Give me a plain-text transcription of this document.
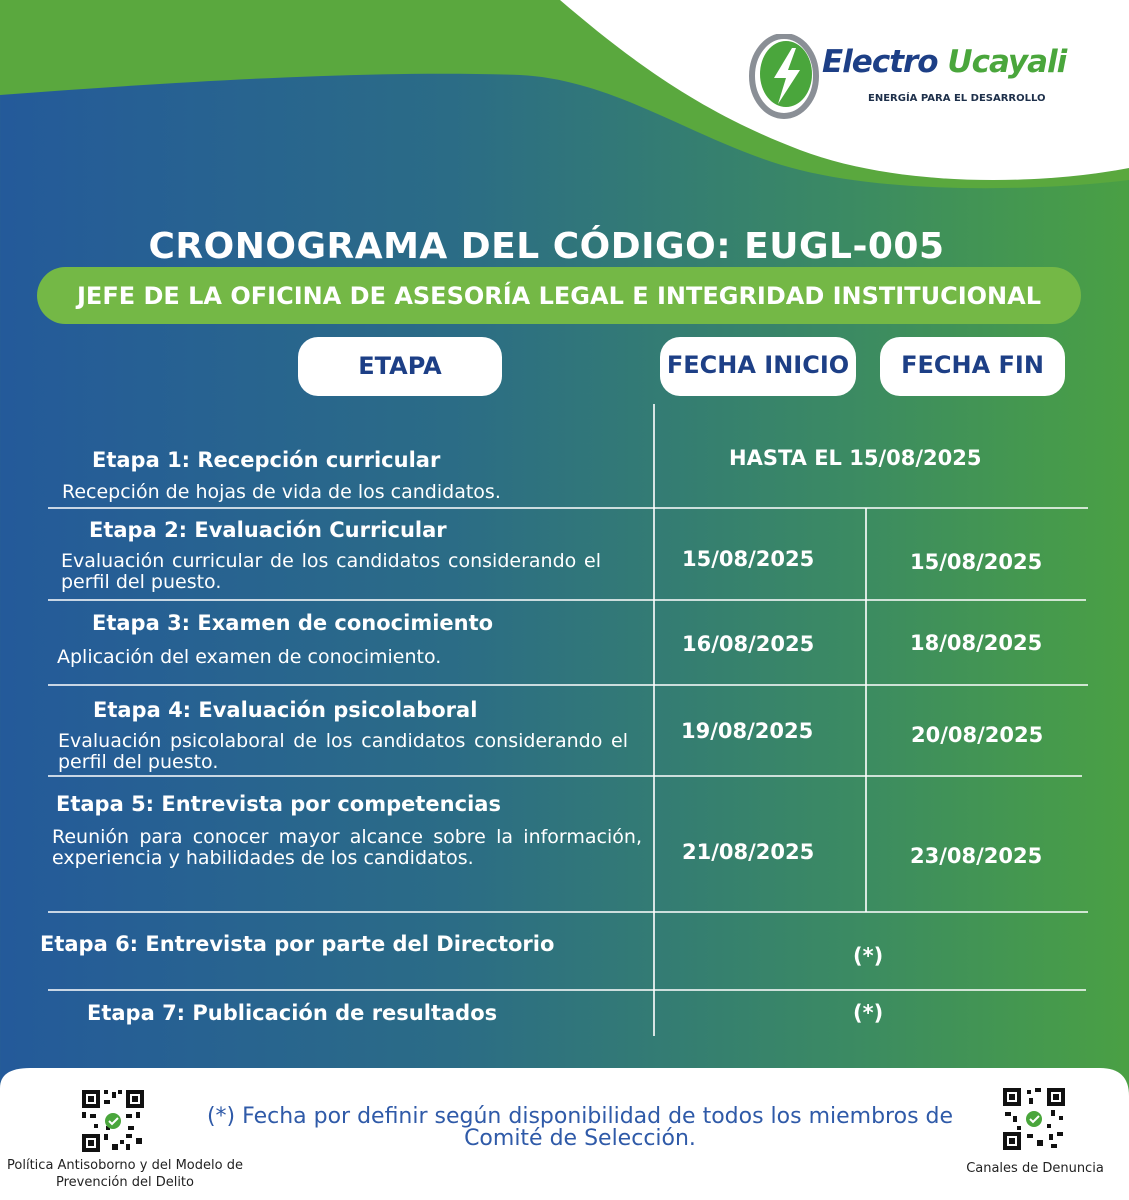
Electro Ucayali
ENERGÍA PARA EL DESARROLLO
CRONOGRAMA DEL CÓDIGO: EUGL-005
JEFE DE LA OFICINA DE ASESORÍA LEGAL E INTEGRIDAD INSTITUCIONAL
ETAPA	FECHA INICIO	FECHA FIN
Etapa 1: Recepción curricular
Recepción de hojas de vida de los candidatos.
HASTA EL 15/08/2025
Etapa 2: Evaluación Curricular
Evaluación curricular de los candidatos considerando el perfil del puesto.
15/08/2025	15/08/2025
Etapa 3: Examen de conocimiento
Aplicación del examen de conocimiento.
16/08/2025	18/08/2025
Etapa 4: Evaluación psicolaboral
Evaluación psicolaboral de los candidatos considerando el perfil del puesto.
19/08/2025	20/08/2025
Etapa 5: Entrevista por competencias
Reunión para conocer mayor alcance sobre la información, experiencia y habilidades de los candidatos.	21/08/2025	23/08/2025
Etapa 6: Entrevista por parte del Directorio	(*)
Etapa 7: Publicación de resultados	(*)
Política Antisoborno y del Modelo de Prevención del Delito
(*) Fecha por definir según disponibilidad de todos los miembros de Comité de Selección.
Canales de Denuncia
